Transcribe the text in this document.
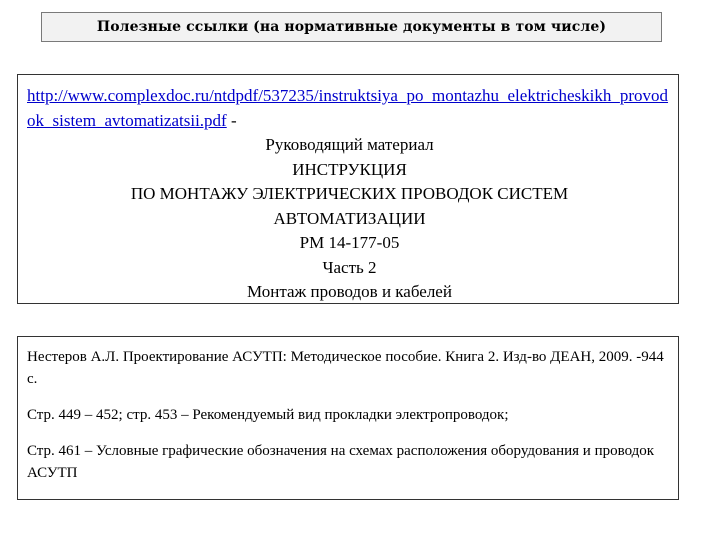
Полезные ссылки (на нормативные документы в том числе)
http://www.complexdoc.ru/ntdpdf/537235/instruktsiya_po_montazhu_elektricheskikh_provodok_sistem_avtomatizatsii.pdf -
Руководящий материал
ИНСТРУКЦИЯ
ПО МОНТАЖУ ЭЛЕКТРИЧЕСКИХ ПРОВОДОК СИСТЕМ
АВТОМАТИЗАЦИИ
РМ 14-177-05
Часть 2
Монтаж проводов и кабелей

Нестеров А.Л. Проектирование АСУТП: Методическое пособие. Книга 2. Изд-во ДЕАН, 2009. -944 с.

Стр. 449 – 452; стр. 453 – Рекомендуемый вид прокладки электропроводок;

Стр. 461 – Условные графические обозначения на схемах расположения оборудования и проводок АСУТП
